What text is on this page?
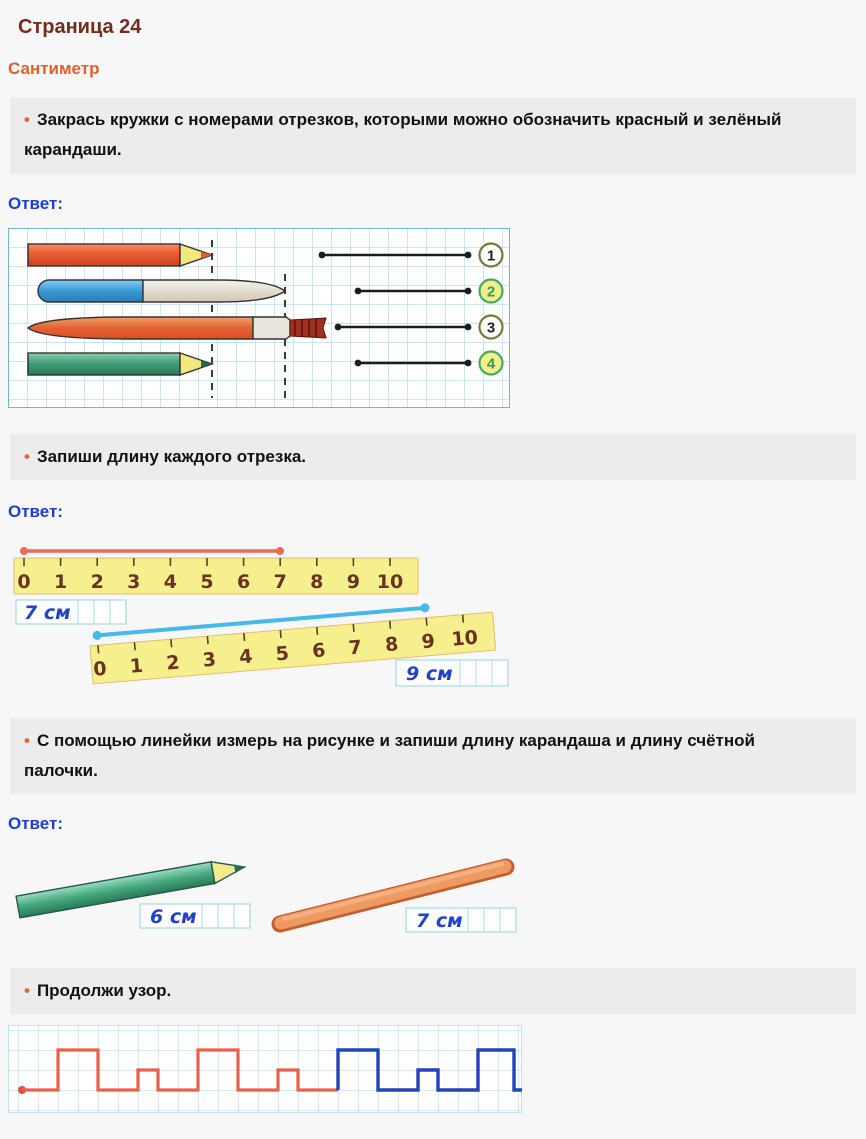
Страница 24
Сантиметр
• Закрась кружки с номерами отрезков, которыми можно обозначить красный и зелёный карандаши.
Ответ:
1
2
3
4
• Запиши длину каждого отрезка.
Ответ:
0 1 2 3 4 5 6 7 8 9 10
7 см
0 1 2 3 4 5 6 7 8 9 10
9 см
• С помощью линейки измерь на рисунке и запиши длину карандаша и длину счётной палочки.
Ответ:
6 см	7 см
• Продолжи узор.
